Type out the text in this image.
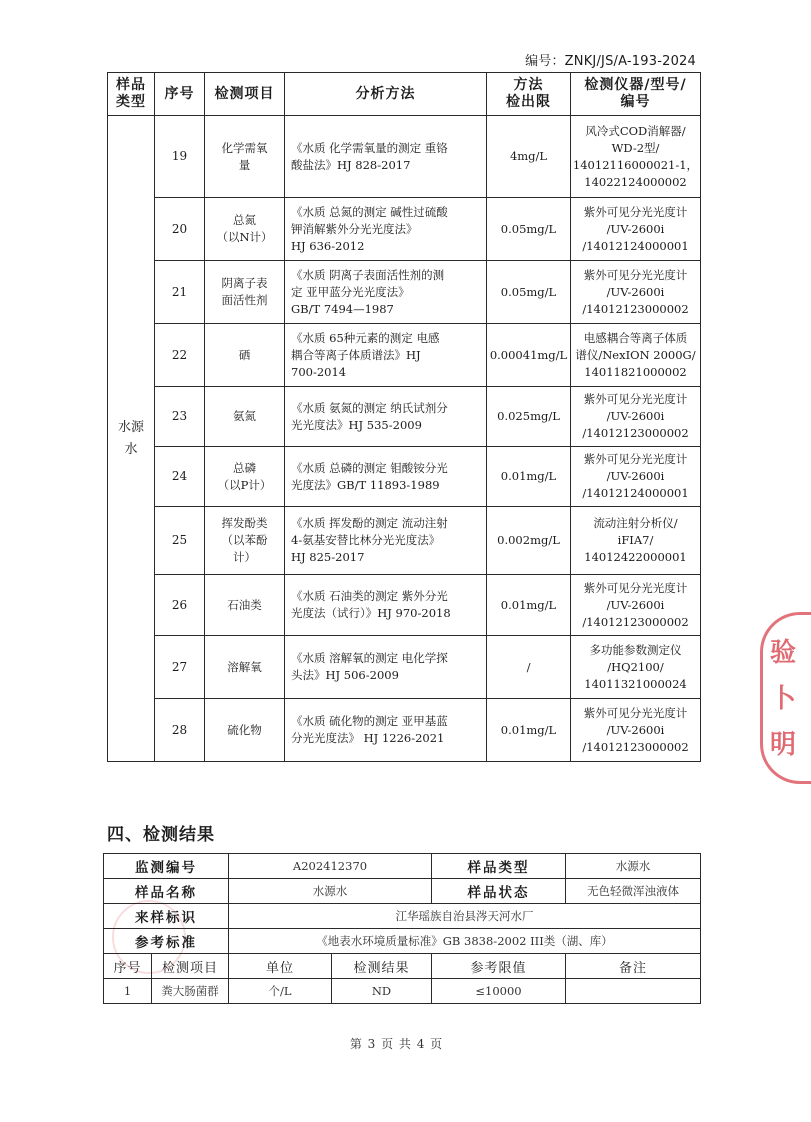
编号：ZNKJ/JS/A-193-2024
样品
类型	序号	检测项目	分析方法	方法
检出限	检测仪器/型号/
编号
水源
水	19	化学需氧
量	《水质 化学需氧量的测定 重铬
酸盐法》HJ 828-2017	4mg/L	风冷式COD消解器/
WD-2型/
14012116000021-1，
14022124000002
	20	总氮
（以N计）	《水质 总氮的测定 碱性过硫酸
钾消解紫外分光光度法》
HJ 636-2012	0.05mg/L	紫外可见分光光度计
/UV-2600i
/14012124000001
	21	阴离子表
面活性剂	《水质 阴离子表面活性剂的测
定 亚甲蓝分光光度法》
GB/T 7494—1987	0.05mg/L	紫外可见分光光度计
/UV-2600i
/14012123000002
	22	硒	《水质 65种元素的测定 电感
耦合等离子体质谱法》HJ
700-2014	0.00041mg/L	电感耦合等离子体质
谱仪/NexION 2000G/
14011821000002
	23	氨氮	《水质 氨氮的测定 纳氏试剂分
光光度法》HJ 535-2009	0.025mg/L	紫外可见分光光度计
/UV-2600i
/14012123000002
	24	总磷
（以P计）	《水质 总磷的测定 钼酸铵分光
光度法》GB/T 11893-1989	0.01mg/L	紫外可见分光光度计
/UV-2600i
/14012124000001
	25	挥发酚类
（以苯酚
计）	《水质 挥发酚的测定 流动注射
4-氨基安替比林分光光度法》
HJ 825-2017	0.002mg/L	流动注射分析仪/
iFIA7/
14012422000001
	26	石油类	《水质 石油类的测定 紫外分光
光度法（试行）》HJ 970-2018	0.01mg/L	紫外可见分光光度计
/UV-2600i
/14012123000002
	27	溶解氧	《水质 溶解氧的测定 电化学探
头法》HJ 506-2009	/	多功能参数测定仪
/HQ2100/
14011321000024
	28	硫化物	《水质 硫化物的测定 亚甲基蓝
分光光度法》 HJ 1226-2021	0.01mg/L	紫外可见分光光度计
/UV-2600i
/14012123000002
四、检测结果
监测编号		A202412370		样品类型	水源水
样品名称		水源水		样品状态	无色轻微浑浊液体
来样标识		江华瑶族自治县涔天河水厂			
参考标准		《地表水环境质量标准》GB 3838-2002 III类（湖、库）			
序号	检测项目	单位	检测结果	参考限值	备注
1	粪大肠菌群	个/L	ND	≤10000	
第 3 页 共 4 页
验
卜
明
